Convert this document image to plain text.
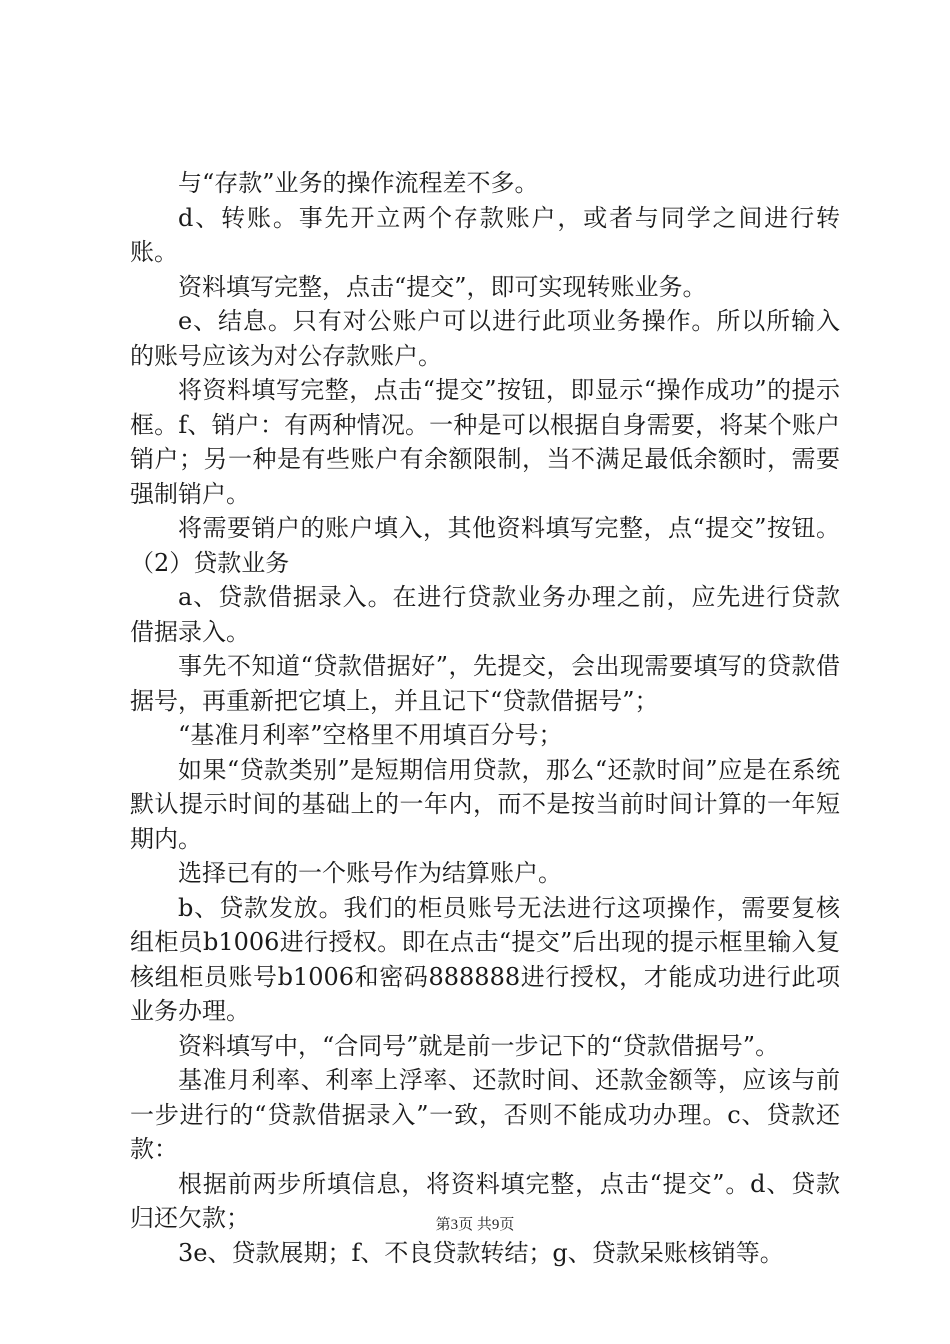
与“存款”业务的操作流程差不多。

d、转账。事先开立两个存款账户，或者与同学之间进行转账。

资料填写完整，点击“提交”，即可实现转账业务。

e、结息。只有对公账户可以进行此项业务操作。所以所输入的账号应该为对公存款账户。

将资料填写完整，点击“提交”按钮，即显示“操作成功”的提示框。f、销户：有两种情况。一种是可以根据自身需要，将某个账户销户；另一种是有些账户有余额限制，当不满足最低余额时，需要强制销户。

将需要销户的账户填入，其他资料填写完整，点“提交”按钮。（2）贷款业务

a、贷款借据录入。在进行贷款业务办理之前，应先进行贷款借据录入。

事先不知道“贷款借据好”，先提交，会出现需要填写的贷款借据号，再重新把它填上，并且记下“贷款借据号”；

“基准月利率”空格里不用填百分号；

如果“贷款类别”是短期信用贷款，那么“还款时间”应是在系统默认提示时间的基础上的一年内，而不是按当前时间计算的一年短期内。

选择已有的一个账号作为结算账户。

b、贷款发放。我们的柜员账号无法进行这项操作，需要复核组柜员b1006进行授权。即在点击“提交”后出现的提示框里输入复核组柜员账号b1006和密码888888进行授权，才能成功进行此项业务办理。

资料填写中，“合同号”就是前一步记下的“贷款借据号”。

基准月利率、利率上浮率、还款时间、还款金额等，应该与前一步进行的“贷款借据录入”一致，否则不能成功办理。c、贷款还款：

根据前两步所填信息，将资料填完整，点击“提交”。d、贷款归还欠款；

3e、贷款展期；f、不良贷款转结；g、贷款呆账核销等。

第3页 共9页
